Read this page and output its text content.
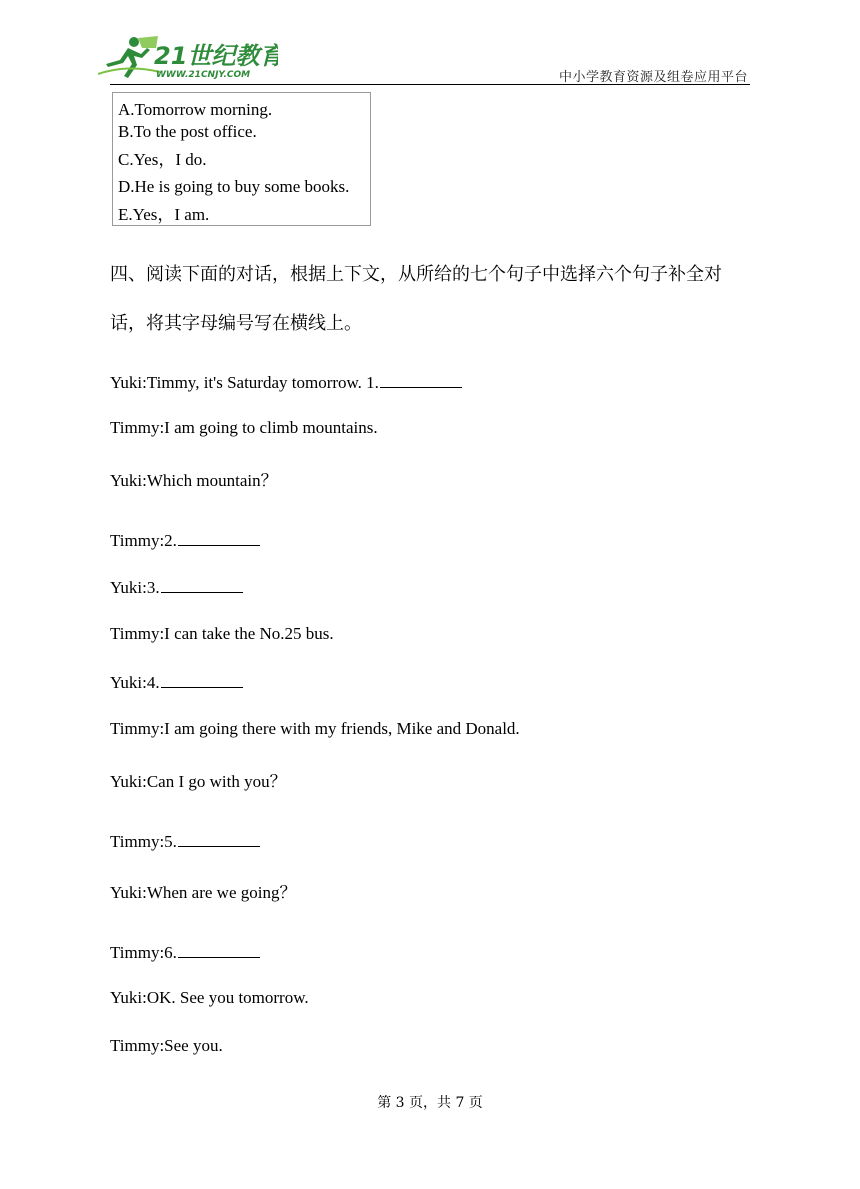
21世纪教育
WWW.21CNJY.COM	中小学教育资源及组卷应用平台
A.Tomorrow morning.
B.To the post office.
C.Yes，I do.
D.He is going to buy some books.
E.Yes，I am.
四、阅读下面的对话，根据上下文，从所给的七个句子中选择六个句子补全对
话，将其字母编号写在横线上。
Yuki:Timmy, it's Saturday tomorrow. 1.
Timmy:I am going to climb mountains.
Yuki:Which mountain？
Timmy:2.
Yuki:3.
Timmy:I can take the No.25 bus.
Yuki:4.
Timmy:I am going there with my friends, Mike and Donald.
Yuki:Can I go with you？
Timmy:5.
Yuki:When are we going？
Timmy:6.
Yuki:OK. See you tomorrow.
Timmy:See you.
第 3 页，共 7 页
